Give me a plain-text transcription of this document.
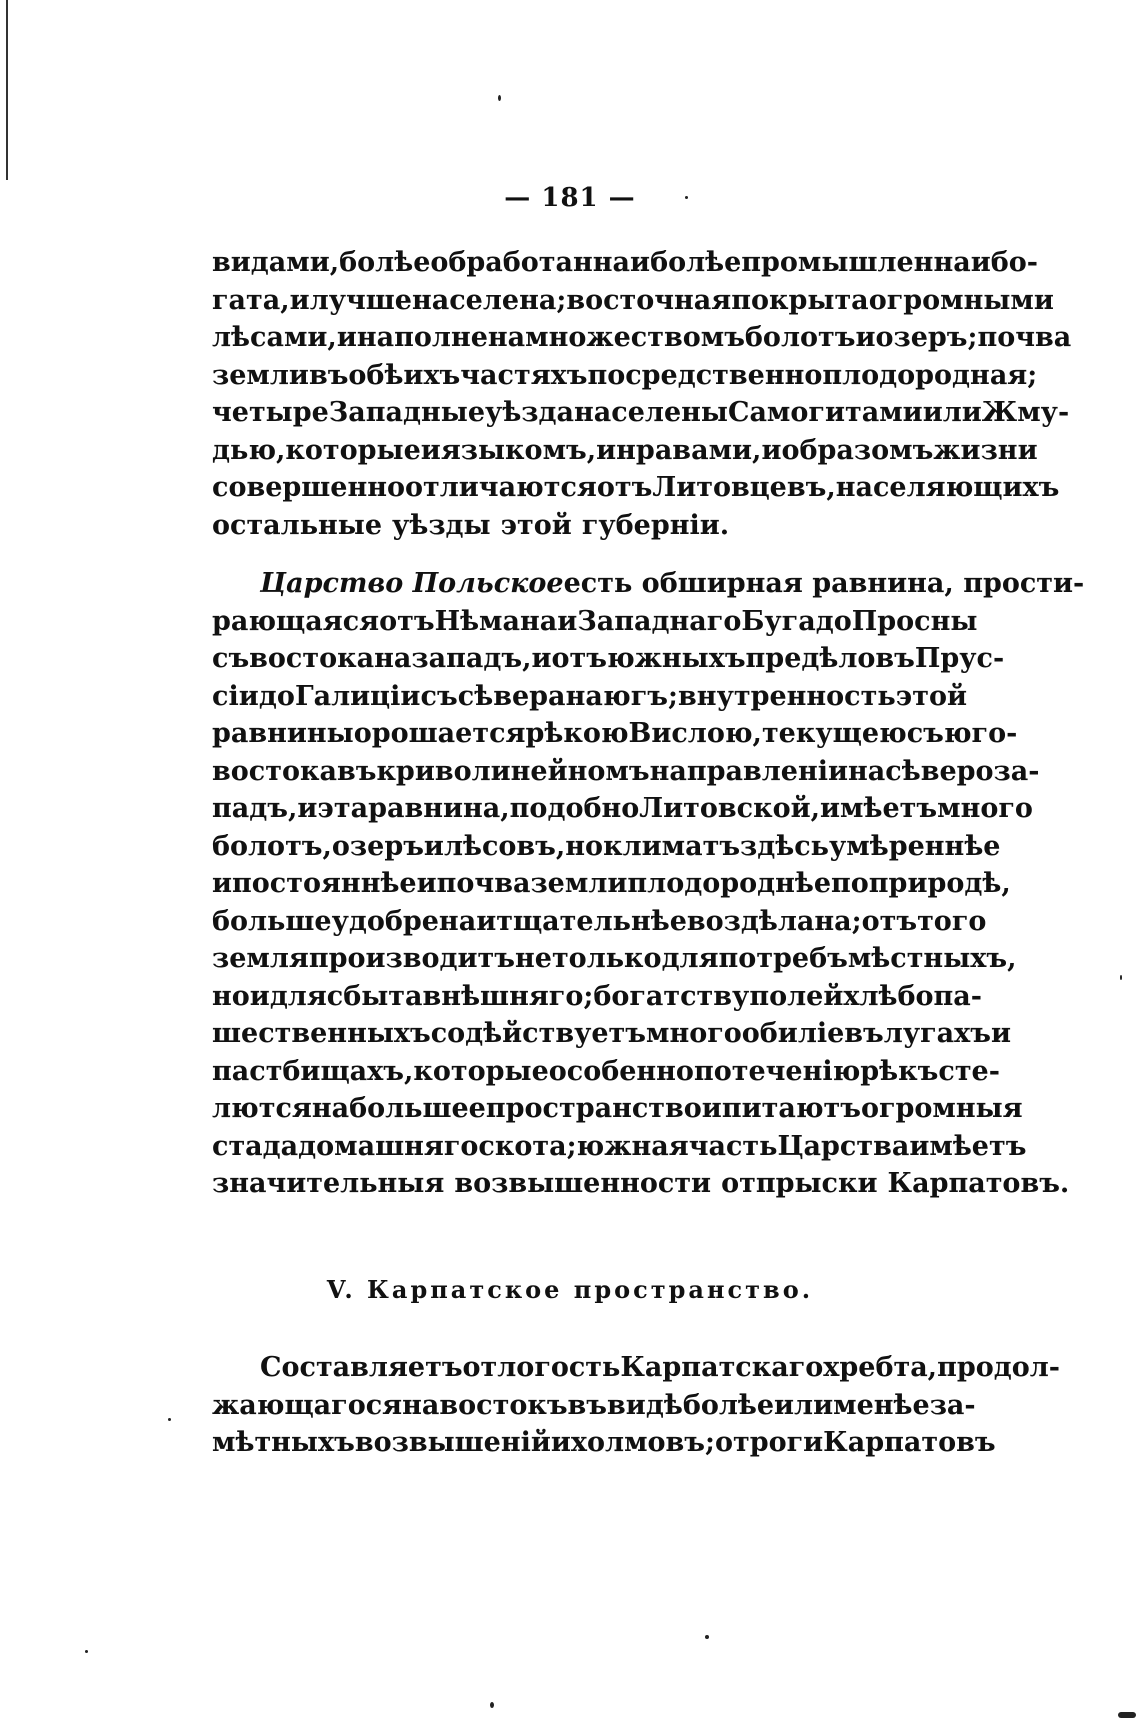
— 181 —
видами, болѣе обработанна и болѣе промышленна и бо-
гата, и лучше населена; восточная покрыта огромными
лѣсами, и наполнена множествомъ болотъ и озеръ; почва
земли въ обѣихъ частяхъ посредственно плодородная;
четыре Западные уѣзда населены Самогитами или Жму-
дью, которые и языкомъ, и нравами, и образомъ жизни
совершенно отличаются отъ Литовцевъ, населяющихъ
остальные уѣзды этой губерніи.
Царство Польское есть обширная равнина, прости-
рающаяся отъ Нѣмана и Западнаго Буга до Просны
съ востока на западъ, и отъ южныхъ предѣловъ Прус-
сіи до Галиціи съ сѣвера на югъ; внутренность этой
равнины орошается рѣкою Вислою, текущею съ юго-
востока въ криволинейномъ направленіи на сѣвероза-
падъ, и эта равнина, подобно Литовской, имѣетъ много
болотъ, озеръ и лѣсовъ, но климатъ здѣсь умѣреннѣе
и постояннѣе и почва земли плодороднѣе по природѣ,
больше удобрена и тщательнѣе воздѣлана; отъ того
земля производитъ не только для потребъ мѣстныхъ,
но и для сбыта внѣшняго; богатству полей хлѣбопа-
шественныхъ содѣйствуетъ много обиліе въ лугахъ и
пастбищахъ, которые особенно по теченію рѣкъ сте-
лются на большее пространство и питаютъ огромныя
стада домашняго скота; южная часть Царства имѣетъ
значительныя возвышенности отпрыски Карпатовъ.
V. Карпатское пространство.
Составляетъ отлогость Карпатскаго хребта, продол-
жающагося на востокъ въ видѣ болѣе или менѣе за-
мѣтныхъ возвышеній и холмовъ; отроги Карпатовъ
